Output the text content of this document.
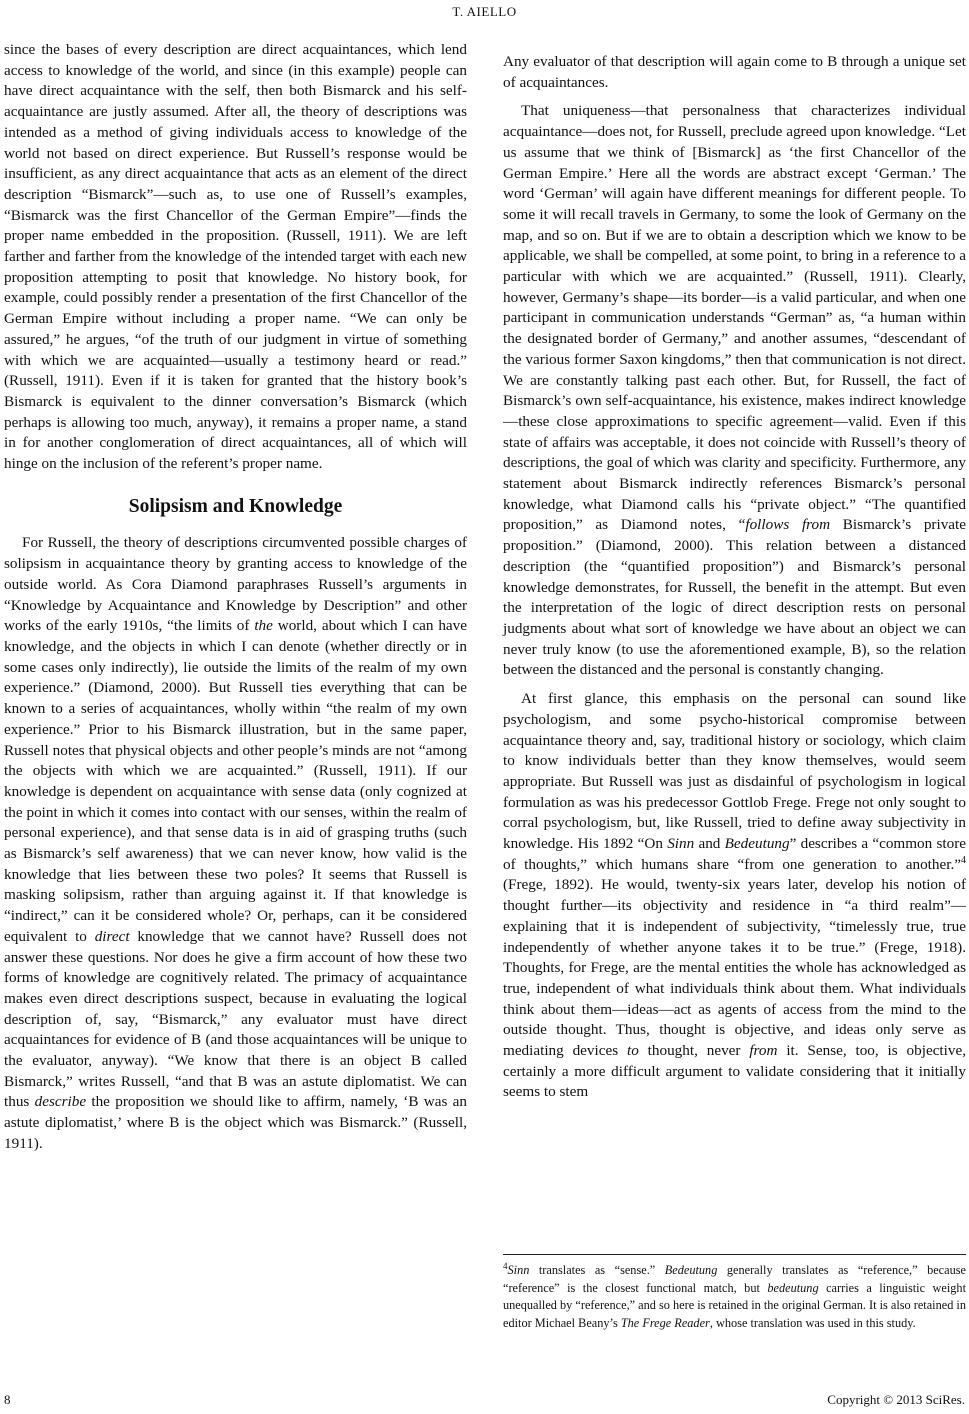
T. AIELLO

since the bases of every description are direct acquaintances, which lend access to knowledge of the world, and since (in this example) people can have direct acquaintance with the self, then both Bismarck and his self-acquaintance are justly assumed. After all, the theory of descriptions was intended as a method of giving individuals access to knowledge of the world not based on direct experience. But Russell’s response would be insufficient, as any direct acquaintance that acts as an element of the direct description “Bismarck”—such as, to use one of Russell’s examples, “Bismarck was the first Chancellor of the German Empire”—finds the proper name embedded in the proposition. (Russell, 1911). We are left farther and farther from the knowledge of the intended target with each new proposition attempting to posit that knowledge. No history book, for example, could possibly render a presentation of the first Chancellor of the German Empire without including a proper name. “We can only be assured,” he argues, “of the truth of our judgment in virtue of something with which we are acquainted—usually a testimony heard or read.” (Russell, 1911). Even if it is taken for granted that the history book’s Bismarck is equivalent to the dinner conversation’s Bismarck (which perhaps is allowing too much, anyway), it remains a proper name, a stand in for another conglomeration of direct acquaintances, all of which will hinge on the inclusion of the referent’s proper name.

Solipsism and Knowledge

For Russell, the theory of descriptions circumvented possible charges of solipsism in acquaintance theory by granting access to knowledge of the outside world. As Cora Diamond paraphrases Russell’s arguments in “Knowledge by Acquaintance and Knowledge by Description” and other works of the early 1910s, “the limits of the world, about which I can have knowledge, and the objects in which I can denote (whether directly or in some cases only indirectly), lie outside the limits of the realm of my own experience.” (Diamond, 2000). But Russell ties everything that can be known to a series of acquaintances, wholly within “the realm of my own experience.” Prior to his Bismarck illustration, but in the same paper, Russell notes that physical objects and other people’s minds are not “among the objects with which we are acquainted.” (Russell, 1911). If our knowledge is dependent on acquaintance with sense data (only cognized at the point in which it comes into contact with our senses, within the realm of personal experience), and that sense data is in aid of grasping truths (such as Bismarck’s self awareness) that we can never know, how valid is the knowledge that lies between these two poles? It seems that Russell is masking solipsism, rather than arguing against it. If that knowledge is “indirect,” can it be considered whole? Or, perhaps, can it be considered equivalent to direct knowledge that we cannot have? Russell does not answer these questions. Nor does he give a firm account of how these two forms of knowledge are cognitively related. The primacy of acquaintance makes even direct descriptions suspect, because in evaluating the logical description of, say, “Bismarck,” any evaluator must have direct acquaintances for evidence of B (and those acquaintances will be unique to the evaluator, anyway). “We know that there is an object B called Bismarck,” writes Russell, “and that B was an astute diplomatist. We can thus describe the proposition we should like to affirm, namely, ‘B was an astute diplomatist,’ where B is the object which was Bismarck.” (Russell, 1911).

Any evaluator of that description will again come to B through a unique set of acquaintances.

That uniqueness—that personalness that characterizes individual acquaintance—does not, for Russell, preclude agreed upon knowledge. “Let us assume that we think of [Bismarck] as ‘the first Chancellor of the German Empire.’ Here all the words are abstract except ‘German.’ The word ‘German’ will again have different meanings for different people. To some it will recall travels in Germany, to some the look of Germany on the map, and so on. But if we are to obtain a description which we know to be applicable, we shall be compelled, at some point, to bring in a reference to a particular with which we are acquainted.” (Russell, 1911). Clearly, however, Germany’s shape—its border—is a valid particular, and when one participant in communication understands “German” as, “a human within the designated border of Germany,” and another assumes, “descendant of the various former Saxon kingdoms,” then that communication is not direct. We are constantly talking past each other. But, for Russell, the fact of Bismarck’s own self-acquaintance, his existence, makes indirect knowledge—these close approximations to specific agreement—valid. Even if this state of affairs was acceptable, it does not coincide with Russell’s theory of descriptions, the goal of which was clarity and specificity. Furthermore, any statement about Bismarck indirectly references Bismarck’s personal knowledge, what Diamond calls his “private object.” “The quantified proposition,” as Diamond notes, “follows from Bismarck’s private proposition.” (Diamond, 2000). This relation between a distanced description (the “quantified proposition”) and Bismarck’s personal knowledge demonstrates, for Russell, the benefit in the attempt. But even the interpretation of the logic of direct description rests on personal judgments about what sort of knowledge we have about an object we can never truly know (to use the aforementioned example, B), so the relation between the distanced and the personal is constantly changing.

At first glance, this emphasis on the personal can sound like psychologism, and some psycho-historical compromise between acquaintance theory and, say, traditional history or sociology, which claim to know individuals better than they know themselves, would seem appropriate. But Russell was just as disdainful of psychologism in logical formulation as was his predecessor Gottlob Frege. Frege not only sought to corral psychologism, but, like Russell, tried to define away subjectivity in knowledge. His 1892 “On Sinn and Bedeutung” describes a “common store of thoughts,” which humans share “from one generation to another.”$^4$ (Frege, 1892). He would, twenty-six years later, develop his notion of thought further—its objectivity and residence in “a third realm”—explaining that it is independent of subjectivity, “timelessly true, true independently of whether anyone takes it to be true.” (Frege, 1918). Thoughts, for Frege, are the mental entities the whole has acknowledged as true, independent of what individuals think about them. What individuals think about them—ideas—act as agents of access from the mind to the outside thought. Thus, thought is objective, and ideas only serve as mediating devices to thought, never from it. Sense, too, is objective, certainly a more difficult argument to validate considering that it initially seems to stem

$^4$Sinn translates as “sense.” Bedeutung generally translates as “reference,” because “reference” is the closest functional match, but bedeutung carries a linguistic weight unequalled by “reference,” and so here is retained in the original German. It is also retained in editor Michael Beany’s The Frege Reader, whose translation was used in this study.
8	Copyright © 2013 SciRes.
